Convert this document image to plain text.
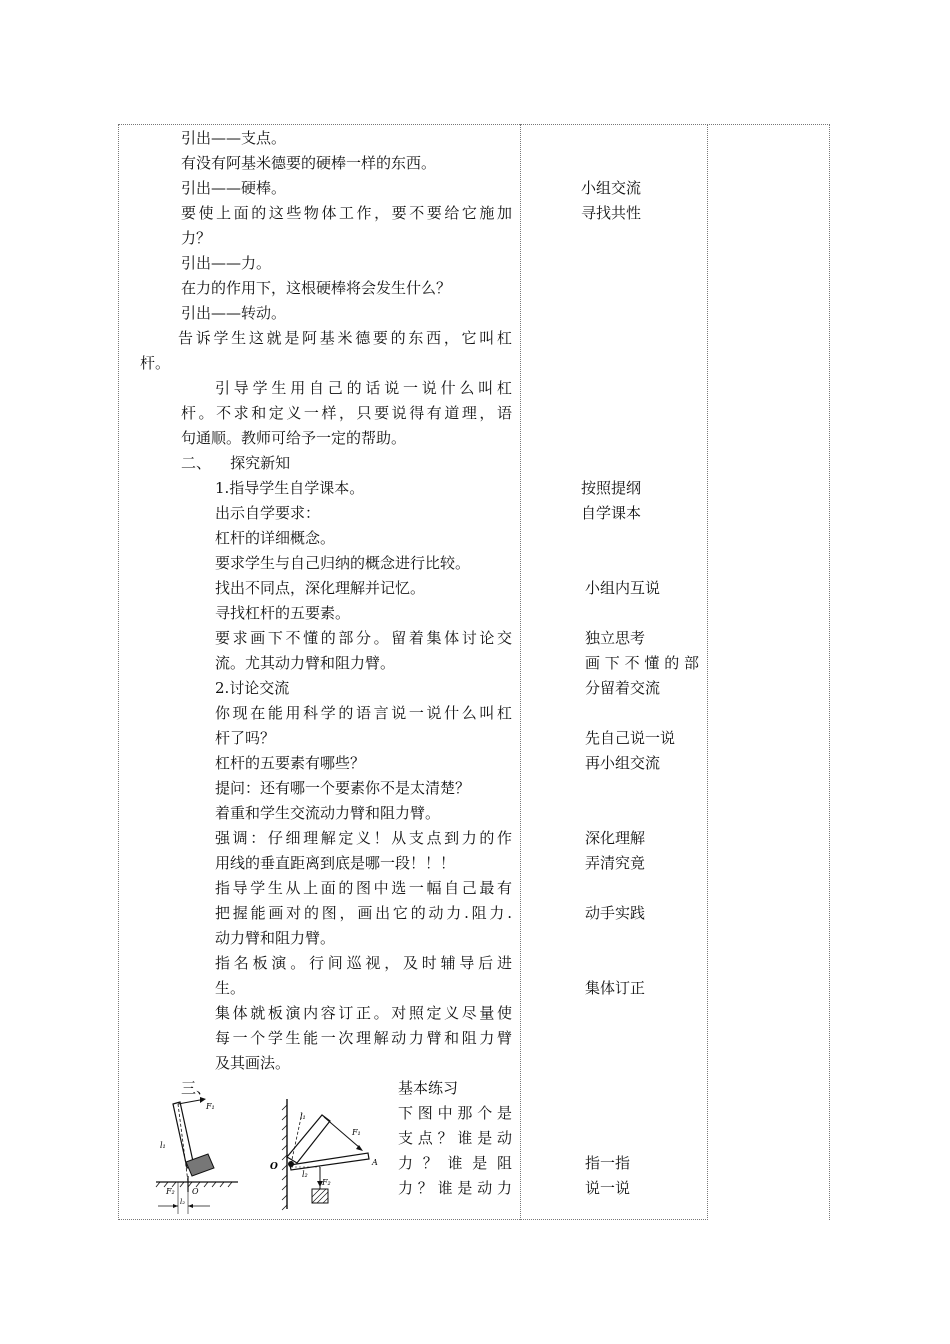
引出——支点。
有没有阿基米德要的硬棒一样的东西。
引出——硬棒。
要使上面的这些物体工作，要不要给它施加
力？
引出——力。
在力的作用下，这根硬棒将会发生什么？
引出——转动。
告诉学生这就是阿基米德要的东西，它叫杠
杆。
引导学生用自己的话说一说什么叫杠
杆。不求和定义一样，只要说得有道理，语
句通顺。教师可给予一定的帮助。
二、    探究新知
1.指导学生自学课本。
出示自学要求：
杠杆的详细概念。
要求学生与自己归纳的概念进行比较。
找出不同点，深化理解并记忆。
寻找杠杆的五要素。
要求画下不懂的部分。留着集体讨论交
流。尤其动力臂和阻力臂。
2.讨论交流
你现在能用科学的语言说一说什么叫杠
杆了吗？
杠杆的五要素有哪些？
提问：还有哪一个要素你不是太清楚？
着重和学生交流动力臂和阻力臂。
强调：仔细理解定义！从支点到力的作
用线的垂直距离到底是哪一段！！！
指导学生从上面的图中选一幅自己最有
把握能画对的图，画出它的动力.阻力.
动力臂和阻力臂。
指名板演。行间巡视，及时辅导后进
生。
集体就板演内容订正。对照定义尽量使
每一个学生能一次理解动力臂和阻力臂
及其画法。
三、	基本练习
下图中那个是
支点？谁是动
力？谁是阻
力？谁是动力
小组交流
寻找共性
按照提纲
自学课本
小组内互说
独立思考
画下不懂的部
分留着交流
先自己说一说
再小组交流
深化理解
弄清究竟
动手实践
集体订正
指一指
说一说
F₁
l₁
F₂ O
l₂
l₁
F₁
O	A
l₂
F₂
